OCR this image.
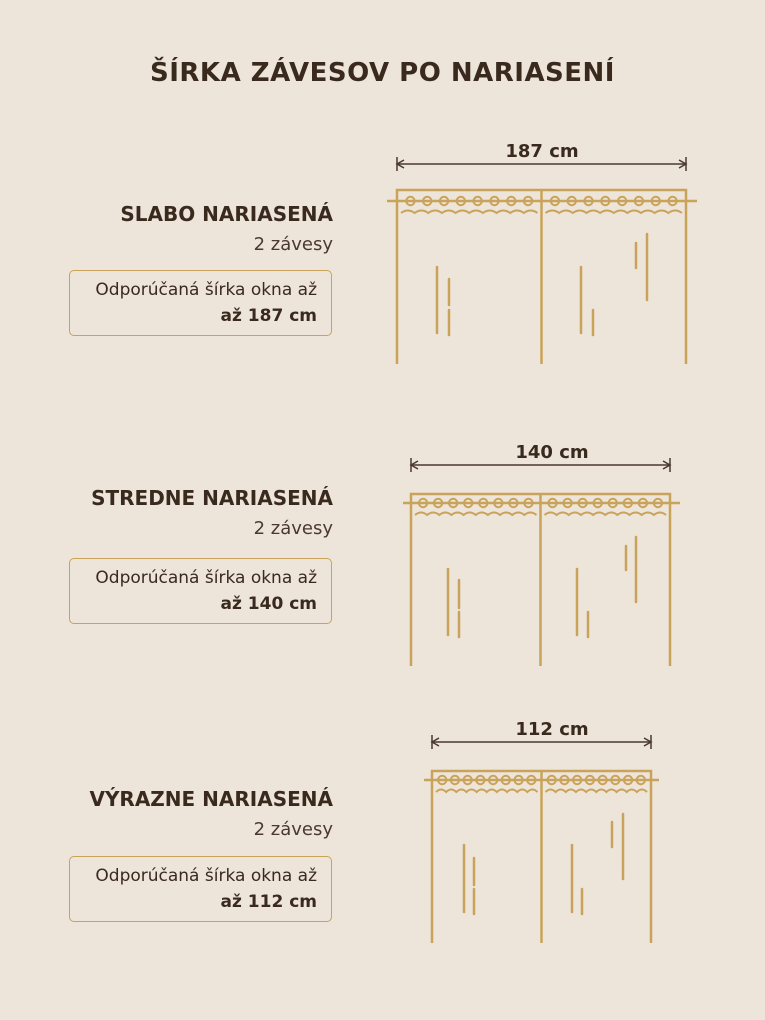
ŠÍRKA ZÁVESOV PO NARIASENÍ
SLABO NARIASENÁ
2 závesy
Odporúčaná šírka okna až
až 187 cm
STREDNE NARIASENÁ
2 závesy
Odporúčaná šírka okna až
až 140 cm
VÝRAZNE NARIASENÁ
2 závesy
Odporúčaná šírka okna až
až 112 cm
187 cm
140 cm
112 cm
